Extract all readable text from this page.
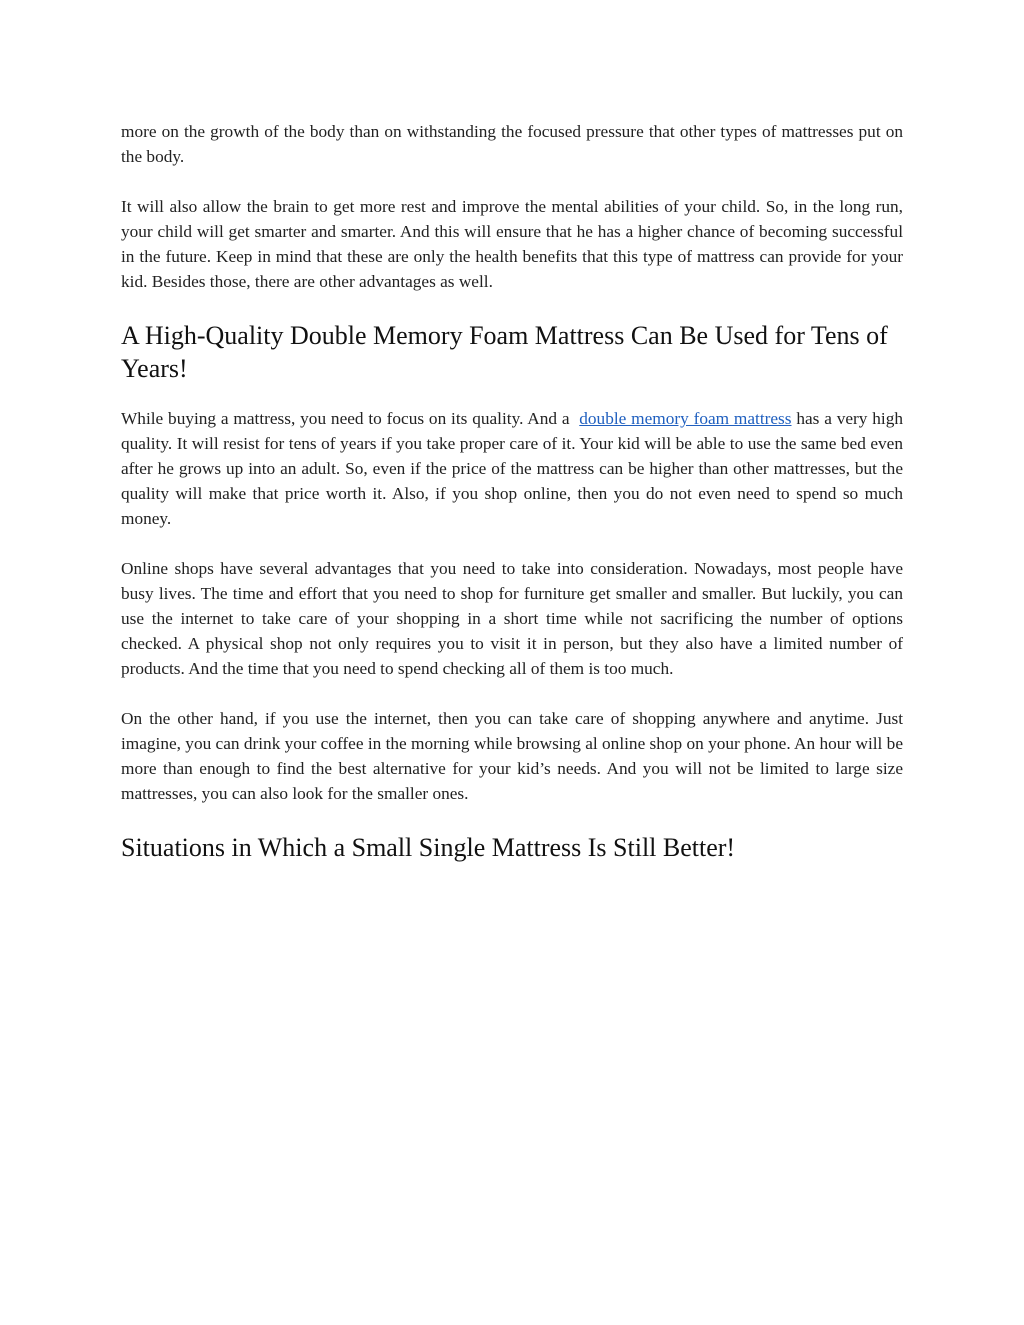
more on the growth of the body than on withstanding the focused pressure that other types of mattresses put on the body.

It will also allow the brain to get more rest and improve the mental abilities of your child. So, in the long run, your child will get smarter and smarter. And this will ensure that he has a higher chance of becoming successful in the future. Keep in mind that these are only the health benefits that this type of mattress can provide for your kid. Besides those, there are other advantages as well.

A High-Quality Double Memory Foam Mattress Can Be Used for Tens of Years!

While buying a mattress, you need to focus on its quality. And a double memory foam mattress has a very high quality. It will resist for tens of years if you take proper care of it. Your kid will be able to use the same bed even after he grows up into an adult. So, even if the price of the mattress can be higher than other mattresses, but the quality will make that price worth it. Also, if you shop online, then you do not even need to spend so much money.

Online shops have several advantages that you need to take into consideration. Nowadays, most people have busy lives. The time and effort that you need to shop for furniture get smaller and smaller. But luckily, you can use the internet to take care of your shopping in a short time while not sacrificing the number of options checked. A physical shop not only requires you to visit it in person, but they also have a limited number of products. And the time that you need to spend checking all of them is too much.

On the other hand, if you use the internet, then you can take care of shopping anywhere and anytime. Just imagine, you can drink your coffee in the morning while browsing al online shop on your phone. An hour will be more than enough to find the best alternative for your kid’s needs. And you will not be limited to large size mattresses, you can also look for the smaller ones.

Situations in Which a Small Single Mattress Is Still Better!
